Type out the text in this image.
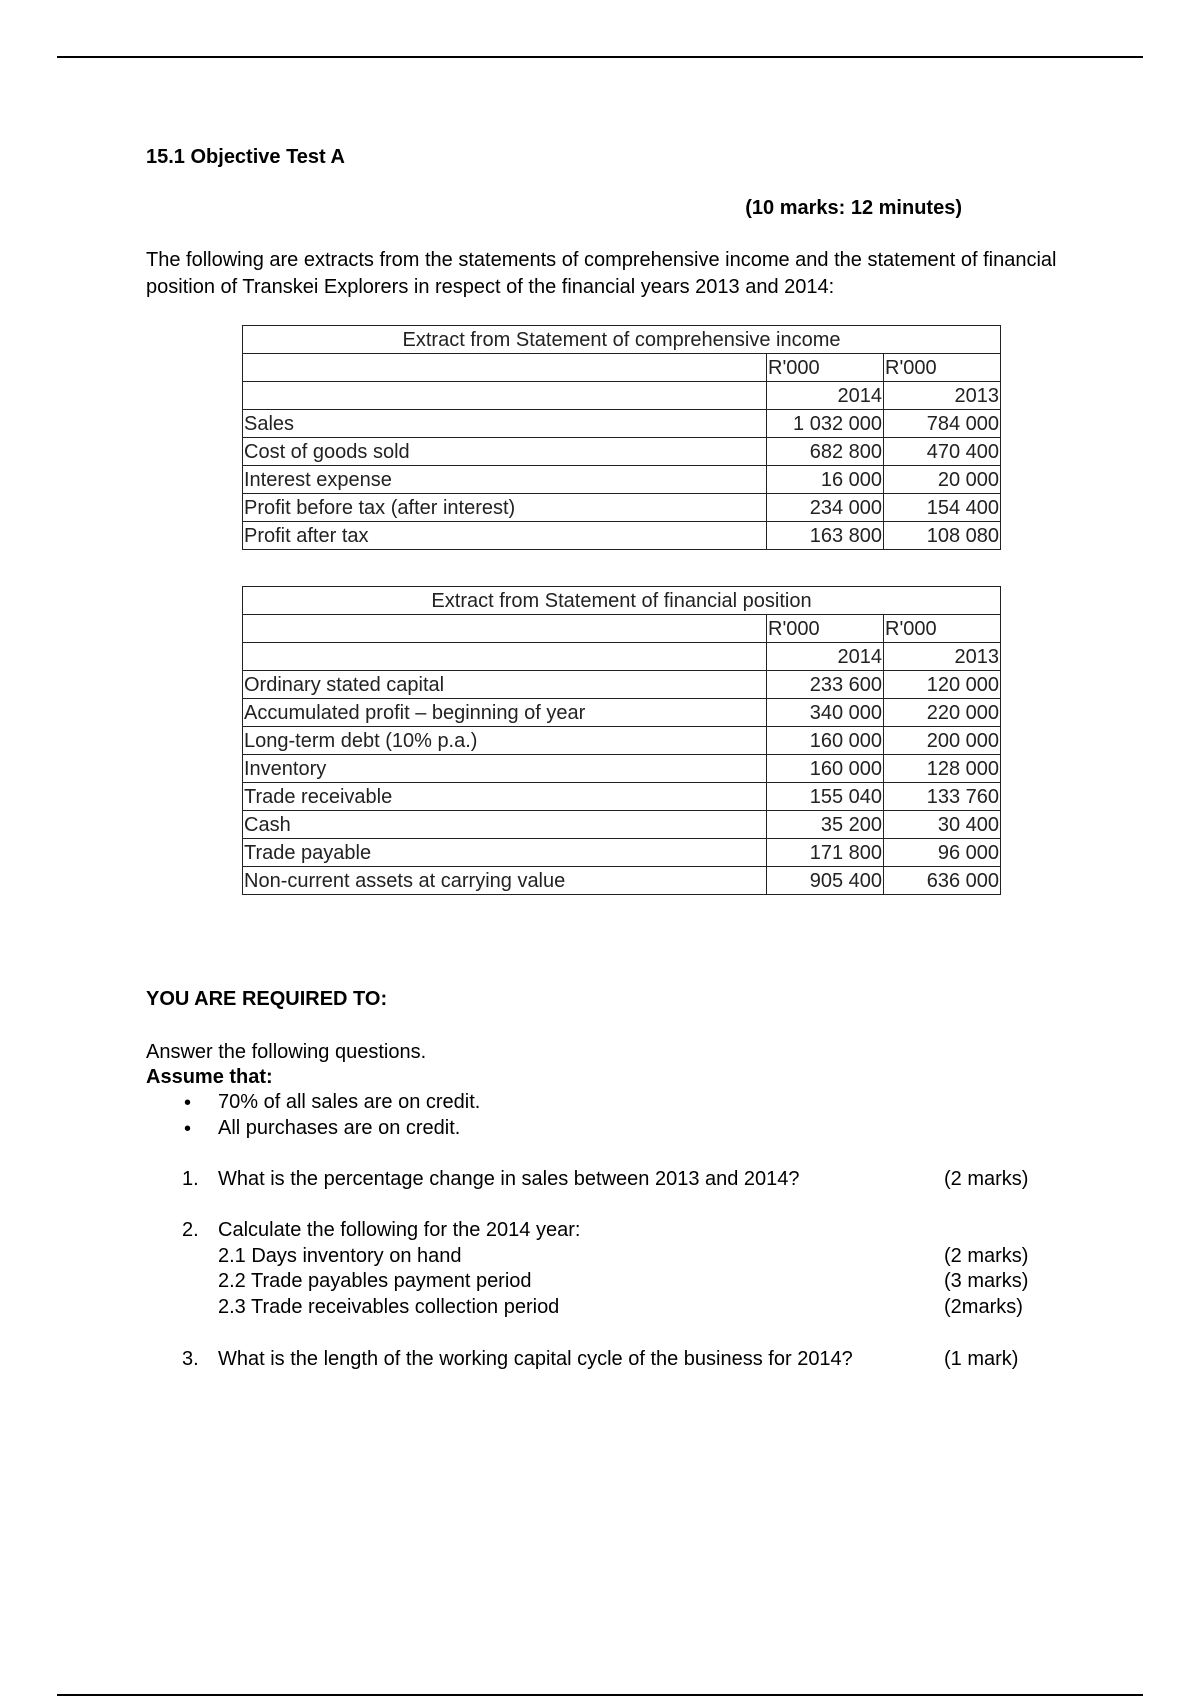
15.1 Objective Test A
(10 marks: 12 minutes)
The following are extracts from the statements of comprehensive income and the statement of financial position of Transkei Explorers in respect of the financial years 2013 and 2014:
Extract from Statement of comprehensive income		
	R'000	R'000
	2014	2013
Sales	1 032 000	784 000
Cost of goods sold	682 800	470 400
Interest expense	16 000	20 000
Profit before tax (after interest)	234 000	154 400
Profit after tax	163 800	108 080
Extract from Statement of financial position		
	R'000	R'000
	2014	2013
Ordinary stated capital	233 600	120 000
Accumulated profit – beginning of year	340 000	220 000
Long-term debt (10% p.a.)	160 000	200 000
Inventory	160 000	128 000
Trade receivable	155 040	133 760
Cash	35 200	30 400
Trade payable	171 800	96 000
Non-current assets at carrying value	905 400	636 000
YOU ARE REQUIRED TO:
Answer the following questions.
Assume that:
• 70% of all sales are on credit.
• All purchases are on credit.
1. What is the percentage change in sales between 2013 and 2014?	(2 marks)
2. Calculate the following for the 2014 year:
2.1 Days inventory on hand	(2 marks)
2.2 Trade payables payment period	(3 marks)
2.3 Trade receivables collection period	(2marks)
3. What is the length of the working capital cycle of the business for 2014?	(1 mark)
